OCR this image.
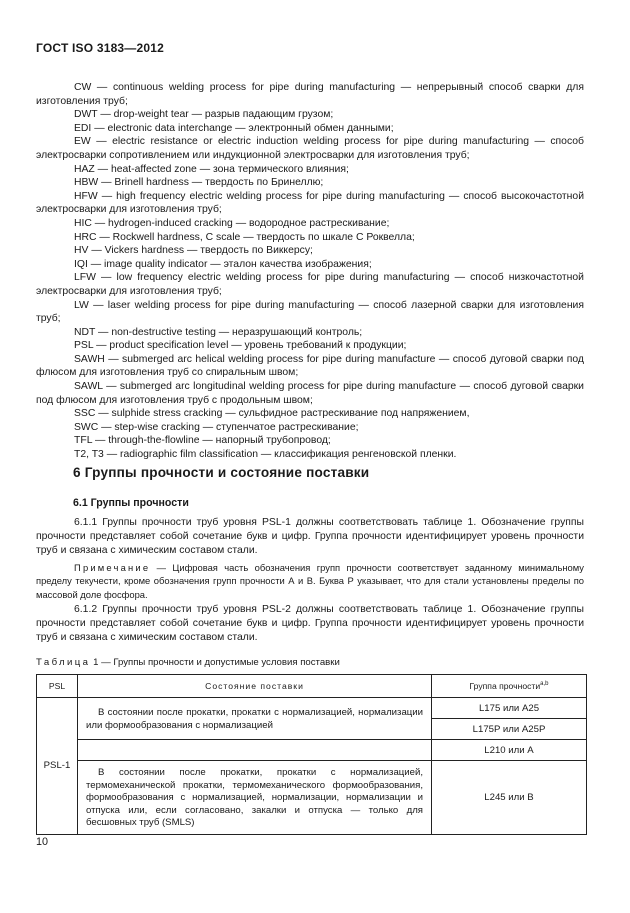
ГОСТ ISO 3183—2012

CW — continuous welding process for pipe during manufacturing — непрерывный способ сварки для изготовления труб;

DWT — drop-weight tear — разрыв падающим грузом;

EDI — electronic data interchange — электронный обмен данными;

EW — electric resistance or electric induction welding process for pipe during manufacturing — способ электросварки сопротивлением или индукционной электросварки для изготовления труб;

HAZ — heat-affected zone — зона термического влияния;

HBW — Brinell hardness — твердость по Бринеллю;

HFW — high frequency electric welding process for pipe during manufacturing — способ высокочастотной электросварки для изготовления труб;

HIC — hydrogen-induced cracking — водородное растрескивание;

HRC — Rockwell hardness, C scale — твердость по шкале С Роквелла;

HV — Vickers hardness — твердость по Виккерсу;

IQI — image quality indicator — эталон качества изображения;

LFW — low frequency electric welding process for pipe during manufacturing — способ низкочастотной электросварки для изготовления труб;

LW — laser welding process for pipe during manufacturing — способ лазерной сварки для изготовления труб;

NDT — non-destructive testing — неразрушающий контроль;

PSL — product specification level — уровень требований к продукции;

SAWH — submerged arc helical welding process for pipe during manufacture — способ дуговой сварки под флюсом для изготовления труб со спиральным швом;

SAWL — submerged arc longitudinal welding process for pipe during manufacture — способ дуговой сварки под флюсом для изготовления труб с продольным швом;

SSC — sulphide stress cracking — сульфидное растрескивание под напряжением,

SWC — step-wise cracking — ступенчатое растрескивание;

TFL — through-the-flowline — напорный трубопровод;

T2, T3 — radiographic film classification — классификация ренгеновской пленки.

6 Группы прочности и состояние поставки
6.1 Группы прочности

6.1.1 Группы прочности труб уровня PSL-1 должны соответствовать таблице 1. Обозначение группы прочности представляет собой сочетание букв и цифр. Группа прочности идентифицирует уровень прочности труб и связана с химическим составом стали.

Примечание — Цифровая часть обозначения групп прочности соответствует заданному минимальному пределу текучести, кроме обозначения групп прочности А и В. Буква Р указывает, что для стали установлены пределы по массовой доле фосфора.

6.1.2 Группы прочности труб уровня PSL-2 должны соответствовать таблице 1. Обозначение группы прочности представляет собой сочетание букв и цифр. Группа прочности идентифицирует уровень прочности труб и связана с химическим составом стали.

Таблица 1 — Группы прочности и допустимые условия поставки
PSL	Состояние поставки	Группа прочности$^{а,b}$
PSL-1	В состоянии после прокатки, прокатки с нормализацией, нормализации или формообразования с нормализацией	L175 или А25
		L175P или А25P
		L210 или А

	В состоянии после прокатки, прокатки с нормализацией, термомеханической прокатки, термомеханического формообразования, формообразования с нормализацией, нормализации, нормализации и отпуска или, если согласовано, закалки и отпуска — только для бесшовных труб (SMLS)	L245 или В
10
